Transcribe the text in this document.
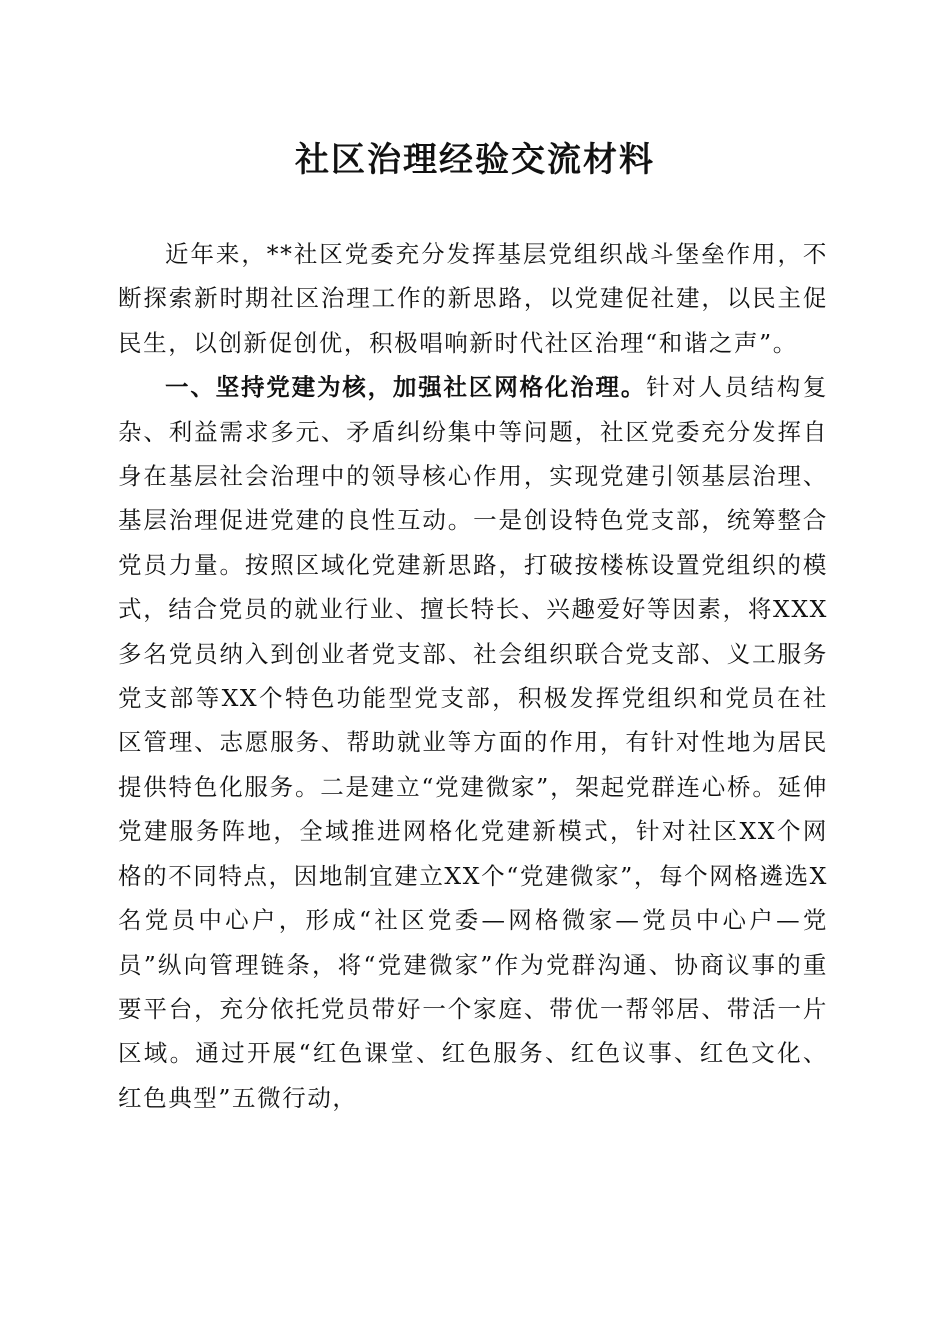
社区治理经验交流材料

近年来，**社区党委充分发挥基层党组织战斗堡垒作用，不断探索新时期社区治理工作的新思路，以党建促社建，以民主促民生，以创新促创优，积极唱响新时代社区治理“和谐之声”。

一、坚持党建为核，加强社区网格化治理。针对人员结构复杂、利益需求多元、矛盾纠纷集中等问题，社区党委充分发挥自身在基层社会治理中的领导核心作用，实现党建引领基层治理、基层治理促进党建的良性互动。一是创设特色党支部，统筹整合党员力量。按照区域化党建新思路，打破按楼栋设置党组织的模式，结合党员的就业行业、擅长特长、兴趣爱好等因素，将XXX多名党员纳入到创业者党支部、社会组织联合党支部、义工服务党支部等XX个特色功能型党支部，积极发挥党组织和党员在社区管理、志愿服务、帮助就业等方面的作用，有针对性地为居民提供特色化服务。二是建立“党建微家”，架起党群连心桥。延伸党建服务阵地，全域推进网格化党建新模式，针对社区XX个网格的不同特点，因地制宜建立XX个“党建微家”，每个网格遴选X名党员中心户，形成“社区党委—网格微家—党员中心户—党员”纵向管理链条，将“党建微家”作为党群沟通、协商议事的重要平台，充分依托党员带好一个家庭、带优一帮邻居、带活一片区域。通过开展“红色课堂、红色服务、红色议事、红色文化、红色典型”五微行动，
